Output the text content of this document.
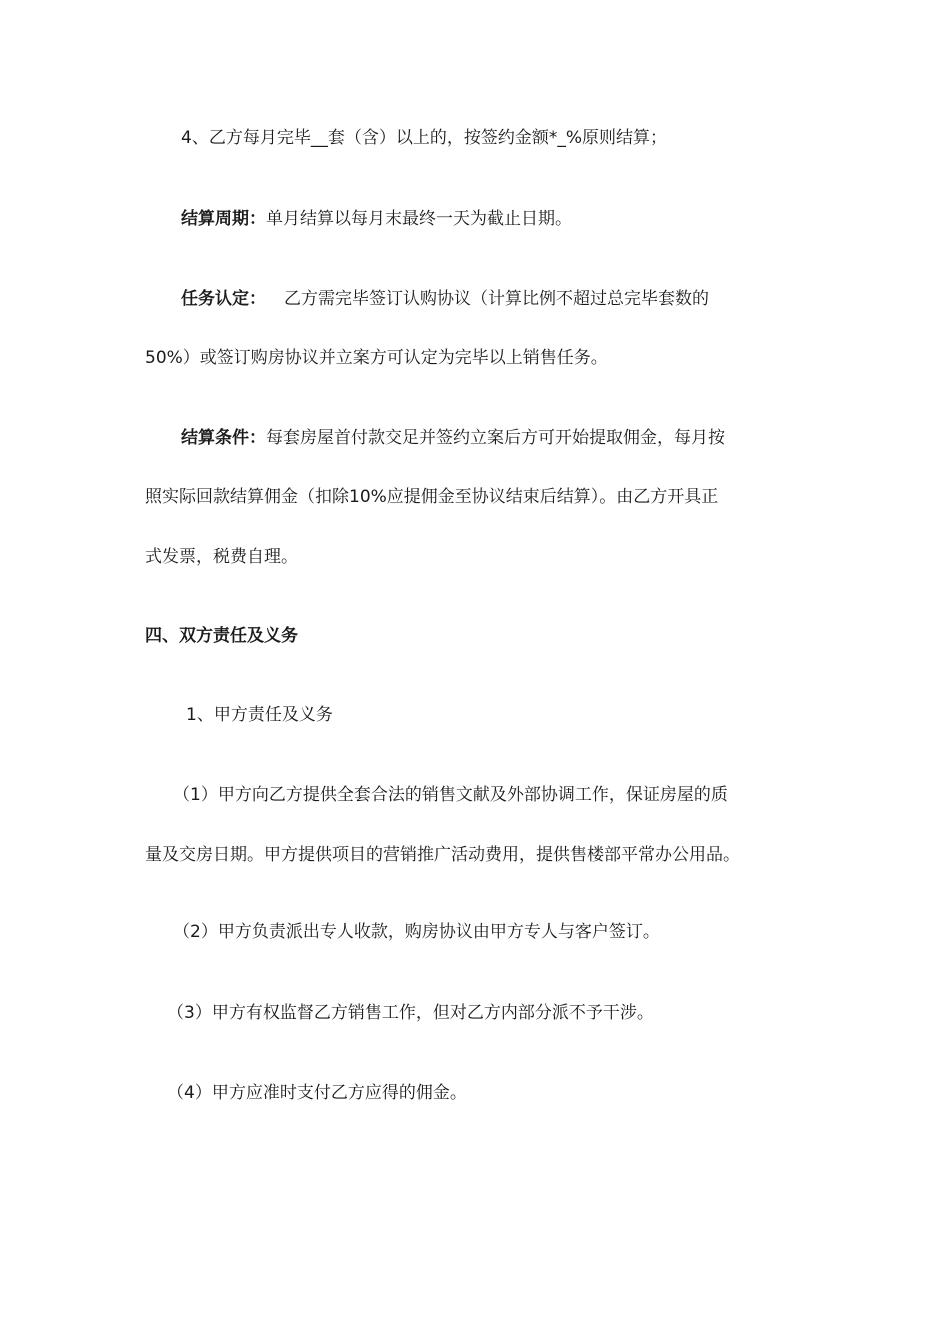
4、乙方每月完毕__套（含）以上的，按签约金额*_%原则结算；
结算周期：单月结算以每月末最终一天为截止日期。
任务认定： 乙方需完毕签订认购协议（计算比例不超过总完毕套数的
50%）或签订购房协议并立案方可认定为完毕以上销售任务。
结算条件：每套房屋首付款交足并签约立案后方可开始提取佣金，每月按
照实际回款结算佣金（扣除10%应提佣金至协议结束后结算）。由乙方开具正
式发票，税费自理。
四、双方责任及义务
1、甲方责任及义务
（1）甲方向乙方提供全套合法的销售文献及外部协调工作，保证房屋的质
量及交房日期。甲方提供项目的营销推广活动费用，提供售楼部平常办公用品。
（2）甲方负责派出专人收款，购房协议由甲方专人与客户签订。
（3）甲方有权监督乙方销售工作，但对乙方内部分派不予干涉。
（4）甲方应准时支付乙方应得的佣金。
